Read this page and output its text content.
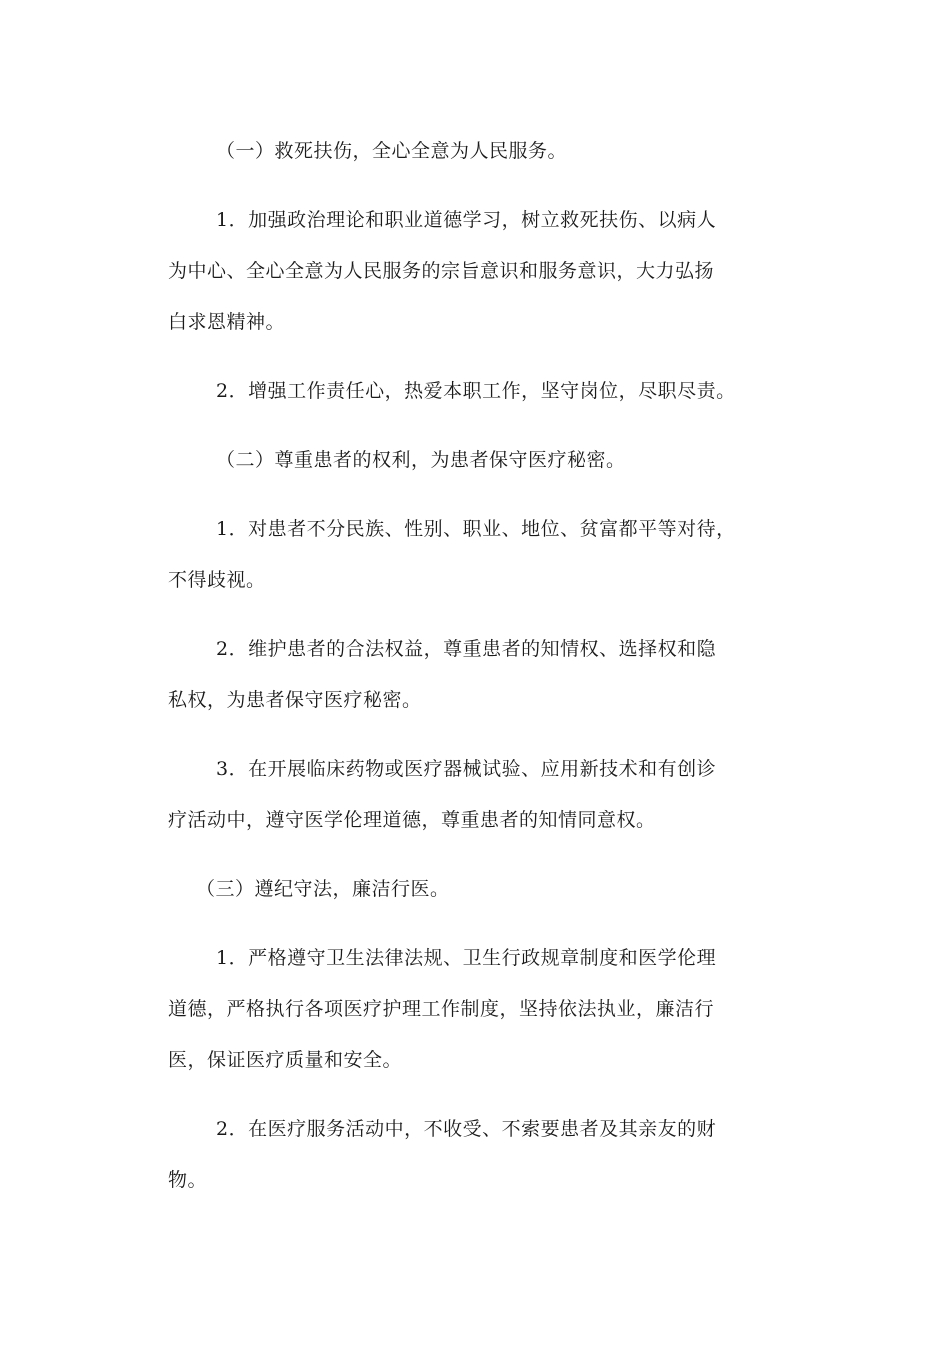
（一）救死扶伤，全心全意为人民服务。

1．加强政治理论和职业道德学习，树立救死扶伤、以病人
为中心、全心全意为人民服务的宗旨意识和服务意识，大力弘扬
白求恩精神。

2．增强工作责任心，热爱本职工作，坚守岗位，尽职尽责。

（二）尊重患者的权利，为患者保守医疗秘密。

1．对患者不分民族、性别、职业、地位、贫富都平等对待，
不得歧视。

2．维护患者的合法权益，尊重患者的知情权、选择权和隐
私权，为患者保守医疗秘密。

3．在开展临床药物或医疗器械试验、应用新技术和有创诊
疗活动中，遵守医学伦理道德，尊重患者的知情同意权。

（三）遵纪守法，廉洁行医。

1．严格遵守卫生法律法规、卫生行政规章制度和医学伦理
道德，严格执行各项医疗护理工作制度，坚持依法执业，廉洁行
医，保证医疗质量和安全。

2．在医疗服务活动中，不收受、不索要患者及其亲友的财
物。
